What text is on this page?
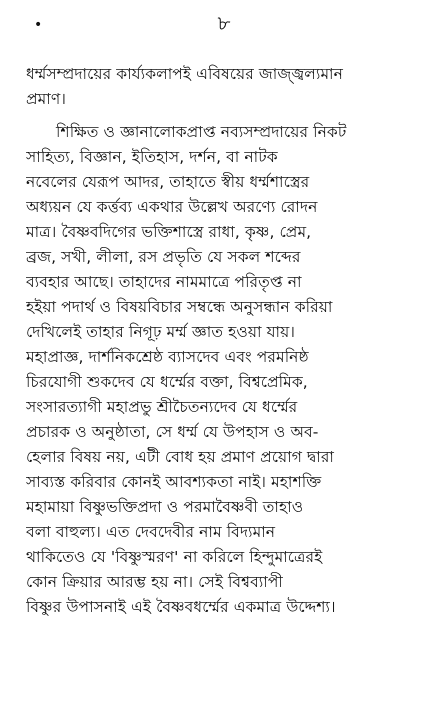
•	৮
ধর্ম্মসম্প্রদায়ের কার্য্যকলাপই এবিষয়ের জাজ্জ্বল্যমান
প্রমাণ।
শিক্ষিত ও জ্ঞানালোকপ্রাপ্ত নব্যসম্প্রদায়ের নিকট
সাহিত্য, বিজ্ঞান, ইতিহাস, দর্শন, বা নাটক
নবেলের যেরূপ আদর, তাহাতে স্বীয় ধর্ম্মশাস্ত্রের
অধ্যয়ন যে কর্ত্তব্য একথার উল্লেখ অরণ্যে রোদন
মাত্র। বৈষ্ণবদিগের ভক্তিশাস্ত্রে রাধা, কৃষ্ণ, প্রেম,
ব্রজ, সখী, লীলা, রস প্রভৃতি যে সকল শব্দের
ব্যবহার আছে। তাহাদের নামমাত্রে পরিতৃপ্ত না
হইয়া পদার্থ ও বিষয়বিচার সম্বন্ধে অনুসন্ধান করিয়া
দেখিলেই তাহার নিগূঢ় মর্ম্ম জ্ঞাত হওয়া যায়।
মহাপ্রাজ্ঞ, দার্শনিকশ্রেষ্ঠ ব্যাসদেব এবং পরমনিষ্ঠ
চিরযোগী শুকদেব যে ধর্ম্মের বক্তা, বিশ্বপ্রেমিক,
সংসারত্যাগী মহাপ্রভু শ্রীচৈতন্যদেব যে ধর্ম্মের
প্রচারক ও অনুষ্ঠাতা, সে ধর্ম্ম যে উপহাস ও অব-
হেলার বিষয় নয়, এটী বোধ হয় প্রমাণ প্রয়োগ দ্বারা
সাব্যস্ত করিবার কোনই আবশ্যকতা নাই। মহাশক্তি
মহামায়া বিষ্ণুভক্তিপ্রদা ও পরমাবৈষ্ণবী তাহাও
বলা বাহুল্য। এত দেবদেবীর নাম বিদ্যমান
থাকিতেও যে 'বিষ্ণুস্মরণ' না করিলে হিন্দুমাত্রেরই
কোন ক্রিয়ার আরম্ভ হয় না। সেই বিশ্বব্যাপী
বিষ্ণুর উপাসনাই এই বৈষ্ণবধর্ম্মের একমাত্র উদ্দেশ্য।
